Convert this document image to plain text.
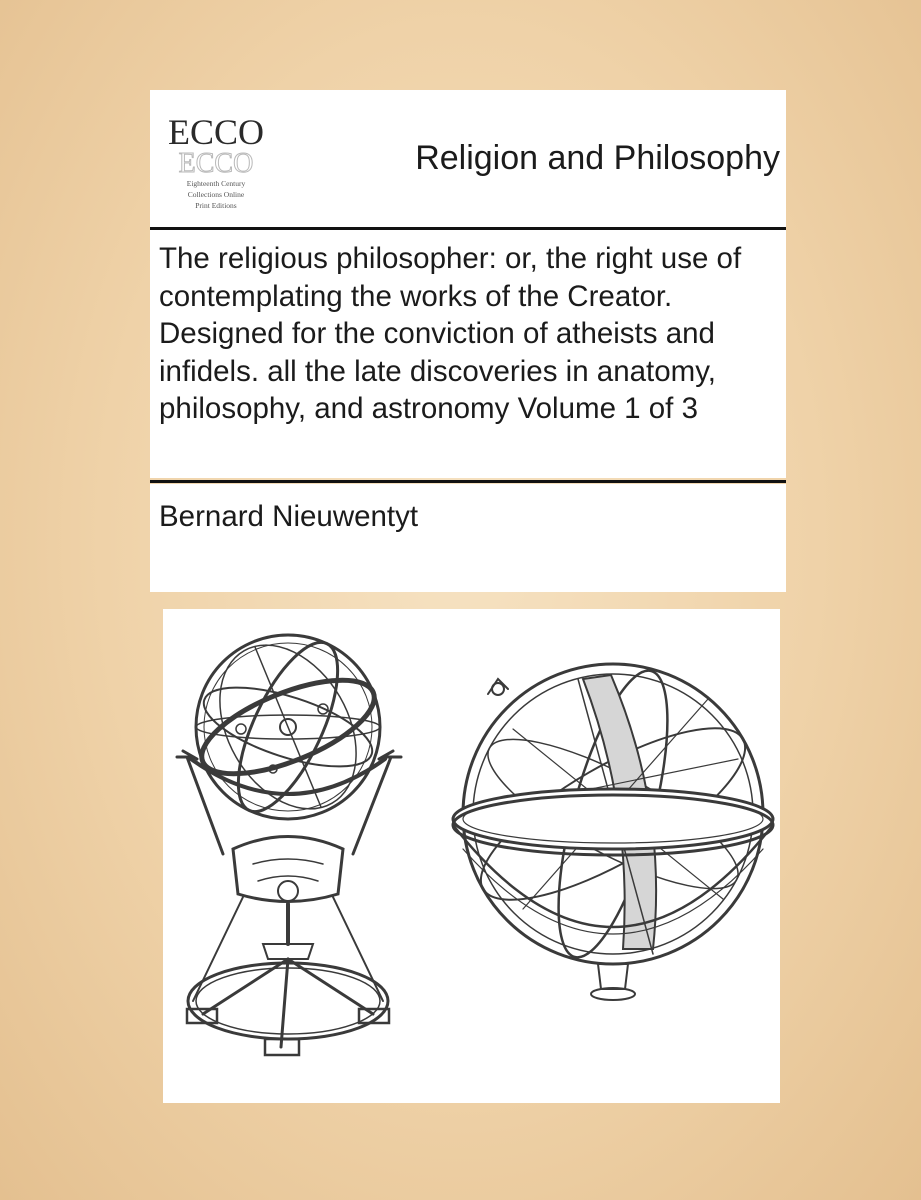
ECCO
ECCO
Eighteenth Century
Collections Online
Print Editions
Religion and Philosophy
The religious philosopher: or, the right use of contemplating the works of the Creator. Designed for the conviction of atheists and infidels. all the late discoveries in anatomy, philosophy, and astronomy Volume 1 of 3
Bernard Nieuwentyt
